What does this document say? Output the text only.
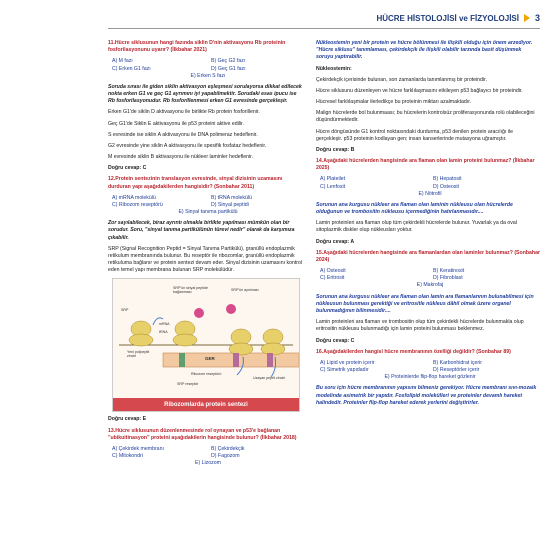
HÜCRE HİSTOLOJİSİ ve FİZYOLOJİSİ 3

11.Hücre siklusunun hangi fazında siklin D'nin aktivasyonu Rb proteinin fosforilasyonunu uyarır? (İlkbahar 2021)

A) M fazı	B) Geç G2 fazı
C) Erken G1 fazı	D) Geç G1 fazı
E) Erken S fazı

Soruda sırası ile giden siklin aktivasyon eşleşmesi sorulayorsa dikkat edilecek nokta erken G1 ve geç G1 ayrımını iyi yapabilmektir. Sorudaki esas ipucu ise Rb fosforilasyonudur. Rb fosforillenmesi erken G1 evresinde gerçekleşir.

Erken G1'de siklin D aktivasyonu ile birlikte Rb protein fosforillenir.

Geç G1'de Siklin E aktivasyonu ile p53 proteini aktive edilir.

S evresinde ise siklin A aktivasyonu ile DNA polimeraz hedeflenir.

G2 evresinde yine siklin A aktivasyonu ile spesifik fosfataz hedeflenir.

M evresinde siklin B aktivasyonu ile nükleer laminler hedeflenir.

Doğru cevap: C

12.Protein sentezinin translasyon evresinde, sinyal dizisinin uzamasını durduran yapı aşağıdakilerden hangisidir? (Sonbahar 2011)

A) mRNA molekülü	B) tRNA molekülü
C) Ribozom reseptörü	D) Sinyal peptidi
E) Sinyal tanıma partikülü

Zor sayılabilecek, biraz ayrıntı olmakla birlikte yapılması mümkün olan bir sorudur. Soru, "sinyal tanıma partikülünün türevi nedir" olarak da karşımıza çıkabilir.

SRP (Signal Recognition Peptid = Sinyal Tanıma Partikülü), granüllü endoplazmik retikulum membranında bulunur. Bu reseptör ile ribozomlar, granüllü endoplazmik retikuluma bağlanır ve protein sentezi devam eder. Sinyal dizisinin uzamasını kontrol eden temel yapı membrana bulunan SRP molekülüdür.

SRP'ün sinyal peptide bağlanması	SRP'ün ayrılması
SRP
mRNA
tRNA
Yeni polipeptit zinciri
GER
Ribozom reseptörü
SRP reseptör
Uzayan peptit zinciri
Ribozomlarda protein sentezi

Doğru cevap: E

13.Hücre siklusunun düzenlenmesinde rol oynayan ve p53'e bağlanan "ubikuitinasyon" proteini aşağıdakilerin hangisinde bulunur? (İlkbahar 2018)

A) Çekirdek membranı	B) Çekirdekçik
C) Mitokondri	D) Fagozom
E) Lizozom

Nükleostemin yeni bir protein ve hücre bölünmesi ile ilişkili olduğu için önem arzediyor. "Hücre siklusu" tanımlaması, çekirdekçik ile ilişkili olabilir tarzında basit düşünmek soruyu yaptırabilir.

Nükleostemin:

Çekirdekçik içerisinde bulunan, son zamanlarda tanımlanmış bir proteindir.

Hücre siklusunu düzenleyen ve hücre farklılaşmasını etkileyen p53 bağlayıcı bir proteindir.

Hücresel farklılaşmalar ilerledikçe bu proteinin miktarı azalmaktadır.

Malign hücrelerde bol bulunmaası; bu hücrelerin kontrolsüz proliferasyonunda rolü olabileceğini düşündürmektedir.

Hücre döngüsünde G1 kontrol noktasındaki durdurma, p53 denilen protein aracılığı ile gerçekleşir. p53 proteinin kodlayan gen; insan kanserlerinde mutasyona uğramıştır.

Doğru cevap: B

14.Aşağıdaki hücrelerden hangisinde ara flaman olan lamin proteini bulunmaz? (İlkbahar 2025)

A) Plateilet	B) Hepatosit
C) Lenfosit	D) Osteosit
E) Nötrofil

Sorunun ana kurgusu nükleer ara flaman olan laminin nükleusu olan hücrelerde olduğunun ve trombositin nükleusu içermediğinin hatırlanmasıdır....

Lamin proteinleri ara flaman olup tüm çekirdekli hücrelerde bulunur. Yuvarlak ya da oval sitoplazmik diskler olup nükleusları yoktur.

Doğru cevap: A

15.Aşağıdaki hücrelerden hangisinde ara flamanlardan olan laminler bulunmaz? (Sonbahar 2024)

A) Osteosit	B) Keratinosit
C) Eritrosit	D) Fibroblast
E) Makrofaj

Sorunun ana kurgusu nükleer ara flaman olan lamin ara flamanlarının bulunabilmesi için nükleusun bulunması gerektiği ve eritrositle nükleus dâhil olmak üzere organel bulunmadığının bilinmesidir....

Lamin proteinleri ara flaman ve trombositin olup tüm çekirdekli hücrelerde bulunmakla olup eritrositin nükleusu bulunmadığı için lamin proteini bulunması beklenmez.

Doğru cevap: C

16.Aşağıdakilerden hangisi hücre membranının özelliği değildir? (Sonbahar 89)

A) Lipid ve protein içerir	B) Karbonhidrat içerir
C) Simetrik yapıdadır	D) Reseptörler içerir
E) Proteinlerde flip-flop hareket gözlenir

Bu soru için hücre membranının yapısını bilmeniz gerekiyor. Hücre membranı sıvı-mozaik modelinde asimetrik bir yapıdır. Fosfolipid molekülleri ve proteinler devamlı hareket halindedir. Proteinler flip-flop hareket ederek yerlerini değiştirirler.
